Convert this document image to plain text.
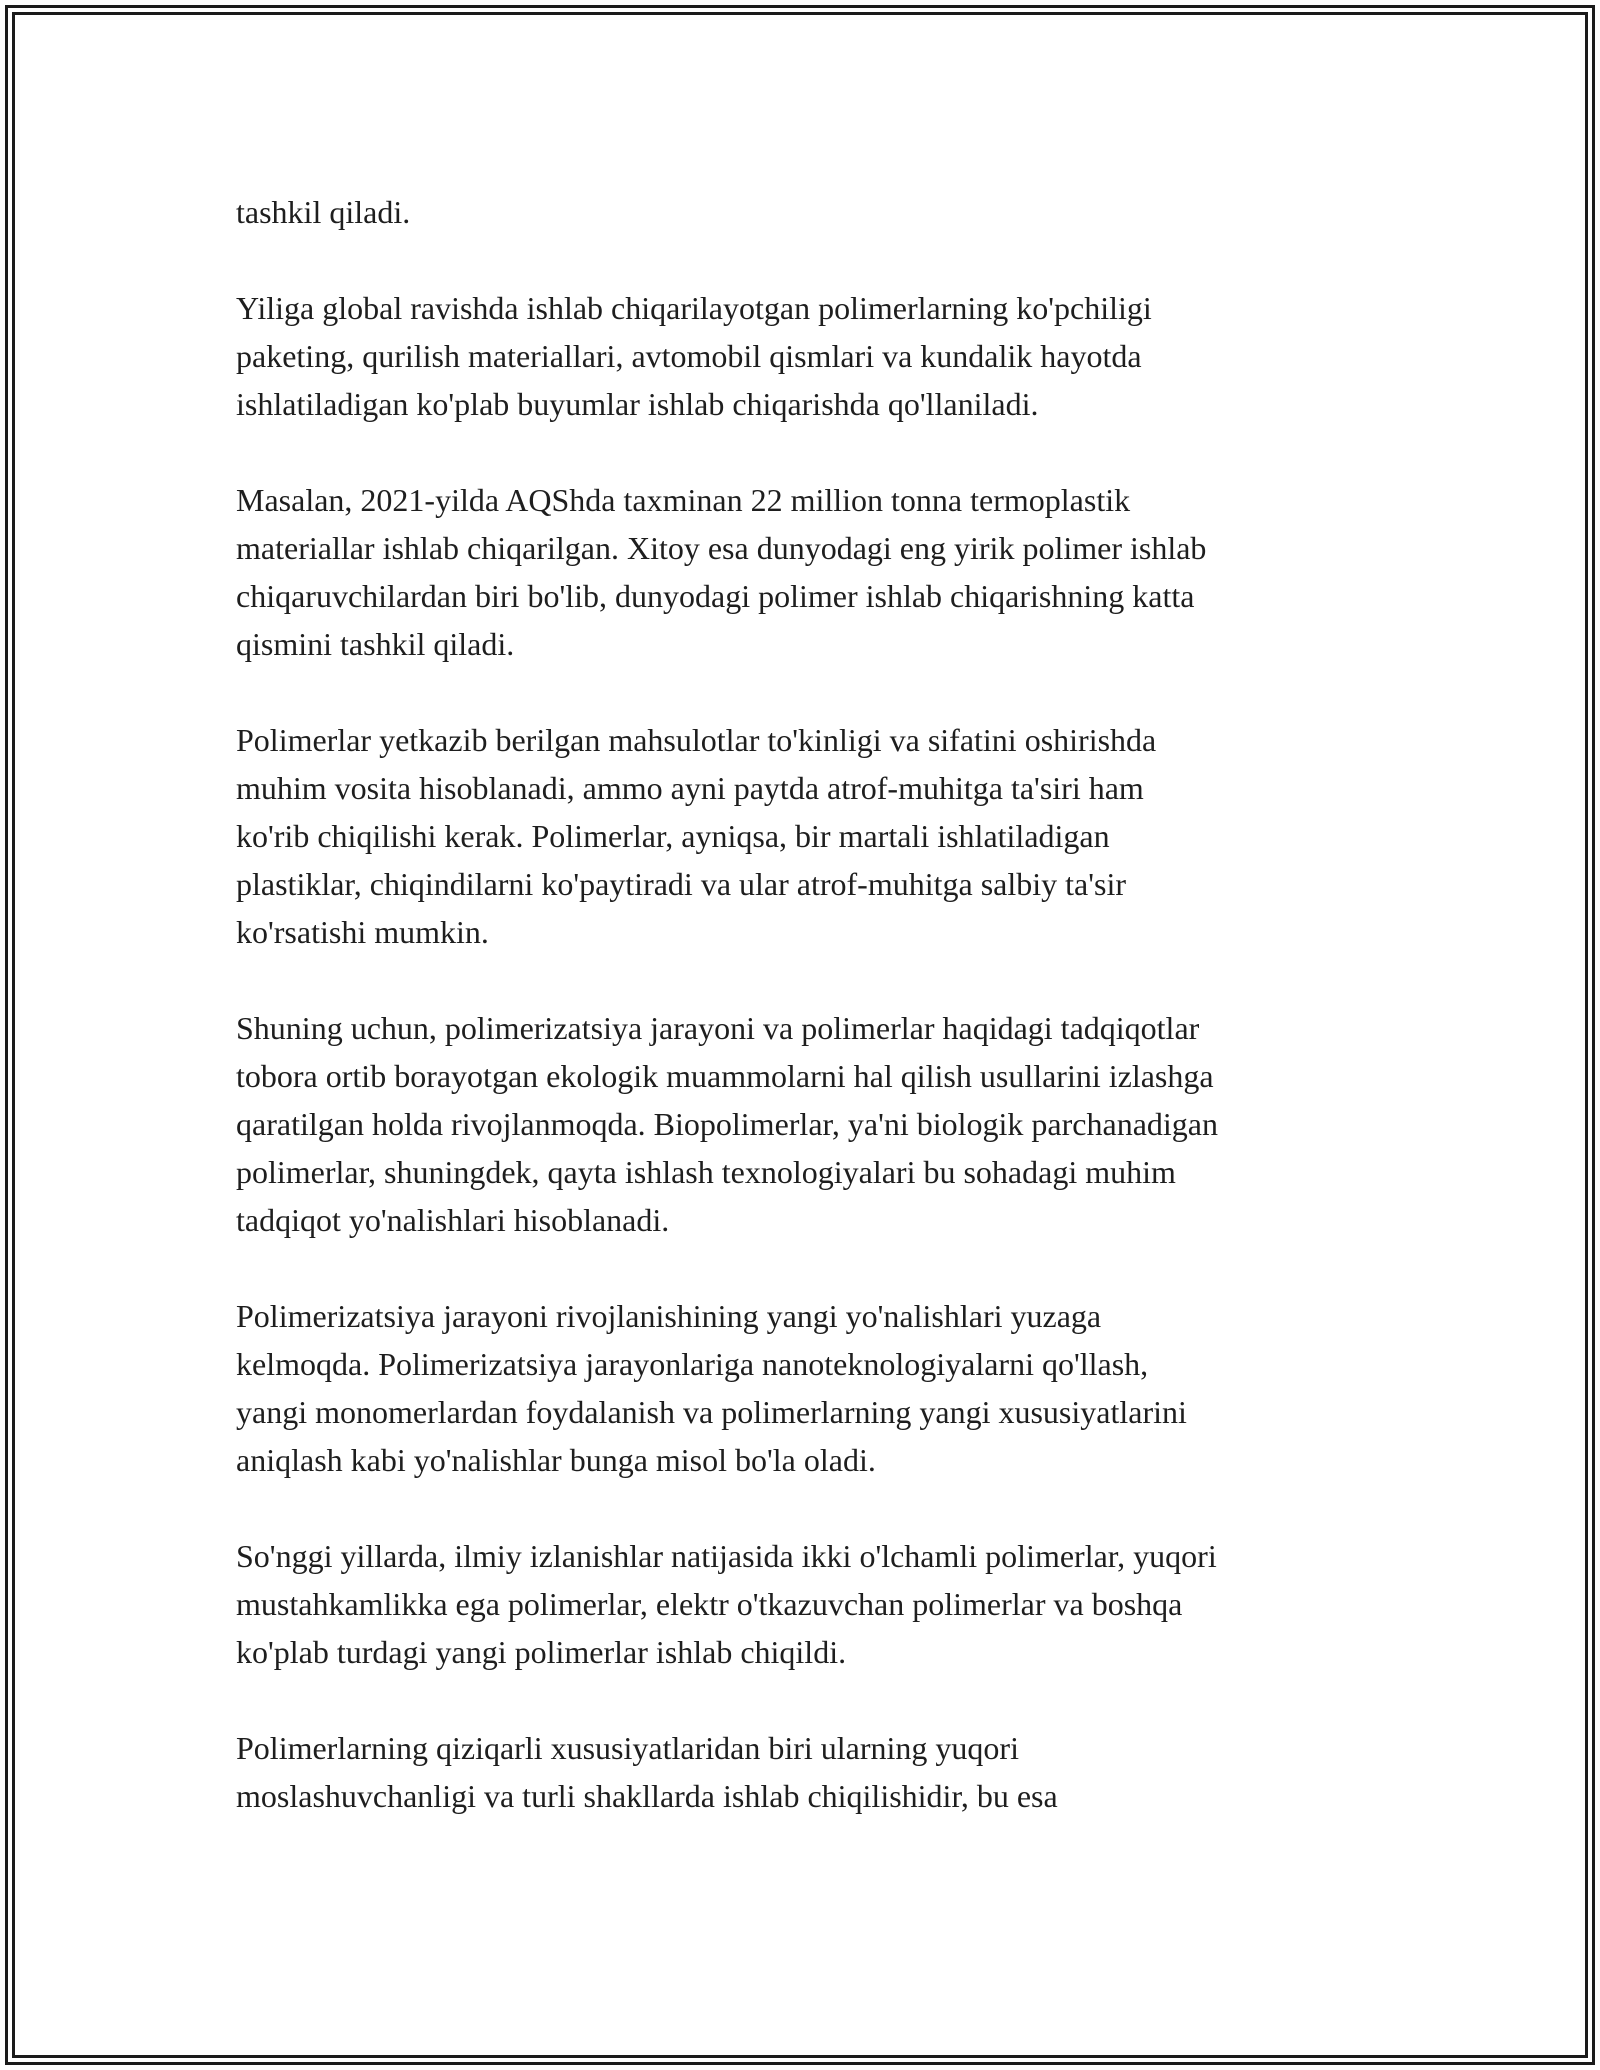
tashkil qiladi.

Yiliga global ravishda ishlab chiqarilayotgan polimerlarning ko'pchiligi
paketing, qurilish materiallari, avtomobil qismlari va kundalik hayotda
ishlatiladigan ko'plab buyumlar ishlab chiqarishda qo'llaniladi.

Masalan, 2021-yilda AQShda taxminan 22 million tonna termoplastik
materiallar ishlab chiqarilgan. Xitoy esa dunyodagi eng yirik polimer ishlab
chiqaruvchilardan biri bo'lib, dunyodagi polimer ishlab chiqarishning katta
qismini tashkil qiladi.

Polimerlar yetkazib berilgan mahsulotlar to'kinligi va sifatini oshirishda
muhim vosita hisoblanadi, ammo ayni paytda atrof-muhitga ta'siri ham
ko'rib chiqilishi kerak. Polimerlar, ayniqsa, bir martali ishlatiladigan
plastiklar, chiqindilarni ko'paytiradi va ular atrof-muhitga salbiy ta'sir
ko'rsatishi mumkin.

Shuning uchun, polimerizatsiya jarayoni va polimerlar haqidagi tadqiqotlar
tobora ortib borayotgan ekologik muammolarni hal qilish usullarini izlashga
qaratilgan holda rivojlanmoqda. Biopolimerlar, ya'ni biologik parchanadigan
polimerlar, shuningdek, qayta ishlash texnologiyalari bu sohadagi muhim
tadqiqot yo'nalishlari hisoblanadi.

Polimerizatsiya jarayoni rivojlanishining yangi yo'nalishlari yuzaga
kelmoqda. Polimerizatsiya jarayonlariga nanoteknologiyalarni qo'llash,
yangi monomerlardan foydalanish va polimerlarning yangi xususiyatlarini
aniqlash kabi yo'nalishlar bunga misol bo'la oladi.

So'nggi yillarda, ilmiy izlanishlar natijasida ikki o'lchamli polimerlar, yuqori
mustahkamlikka ega polimerlar, elektr o'tkazuvchan polimerlar va boshqa
ko'plab turdagi yangi polimerlar ishlab chiqildi.

Polimerlarning qiziqarli xususiyatlaridan biri ularning yuqori
moslashuvchanligi va turli shakllarda ishlab chiqilishidir, bu esa
